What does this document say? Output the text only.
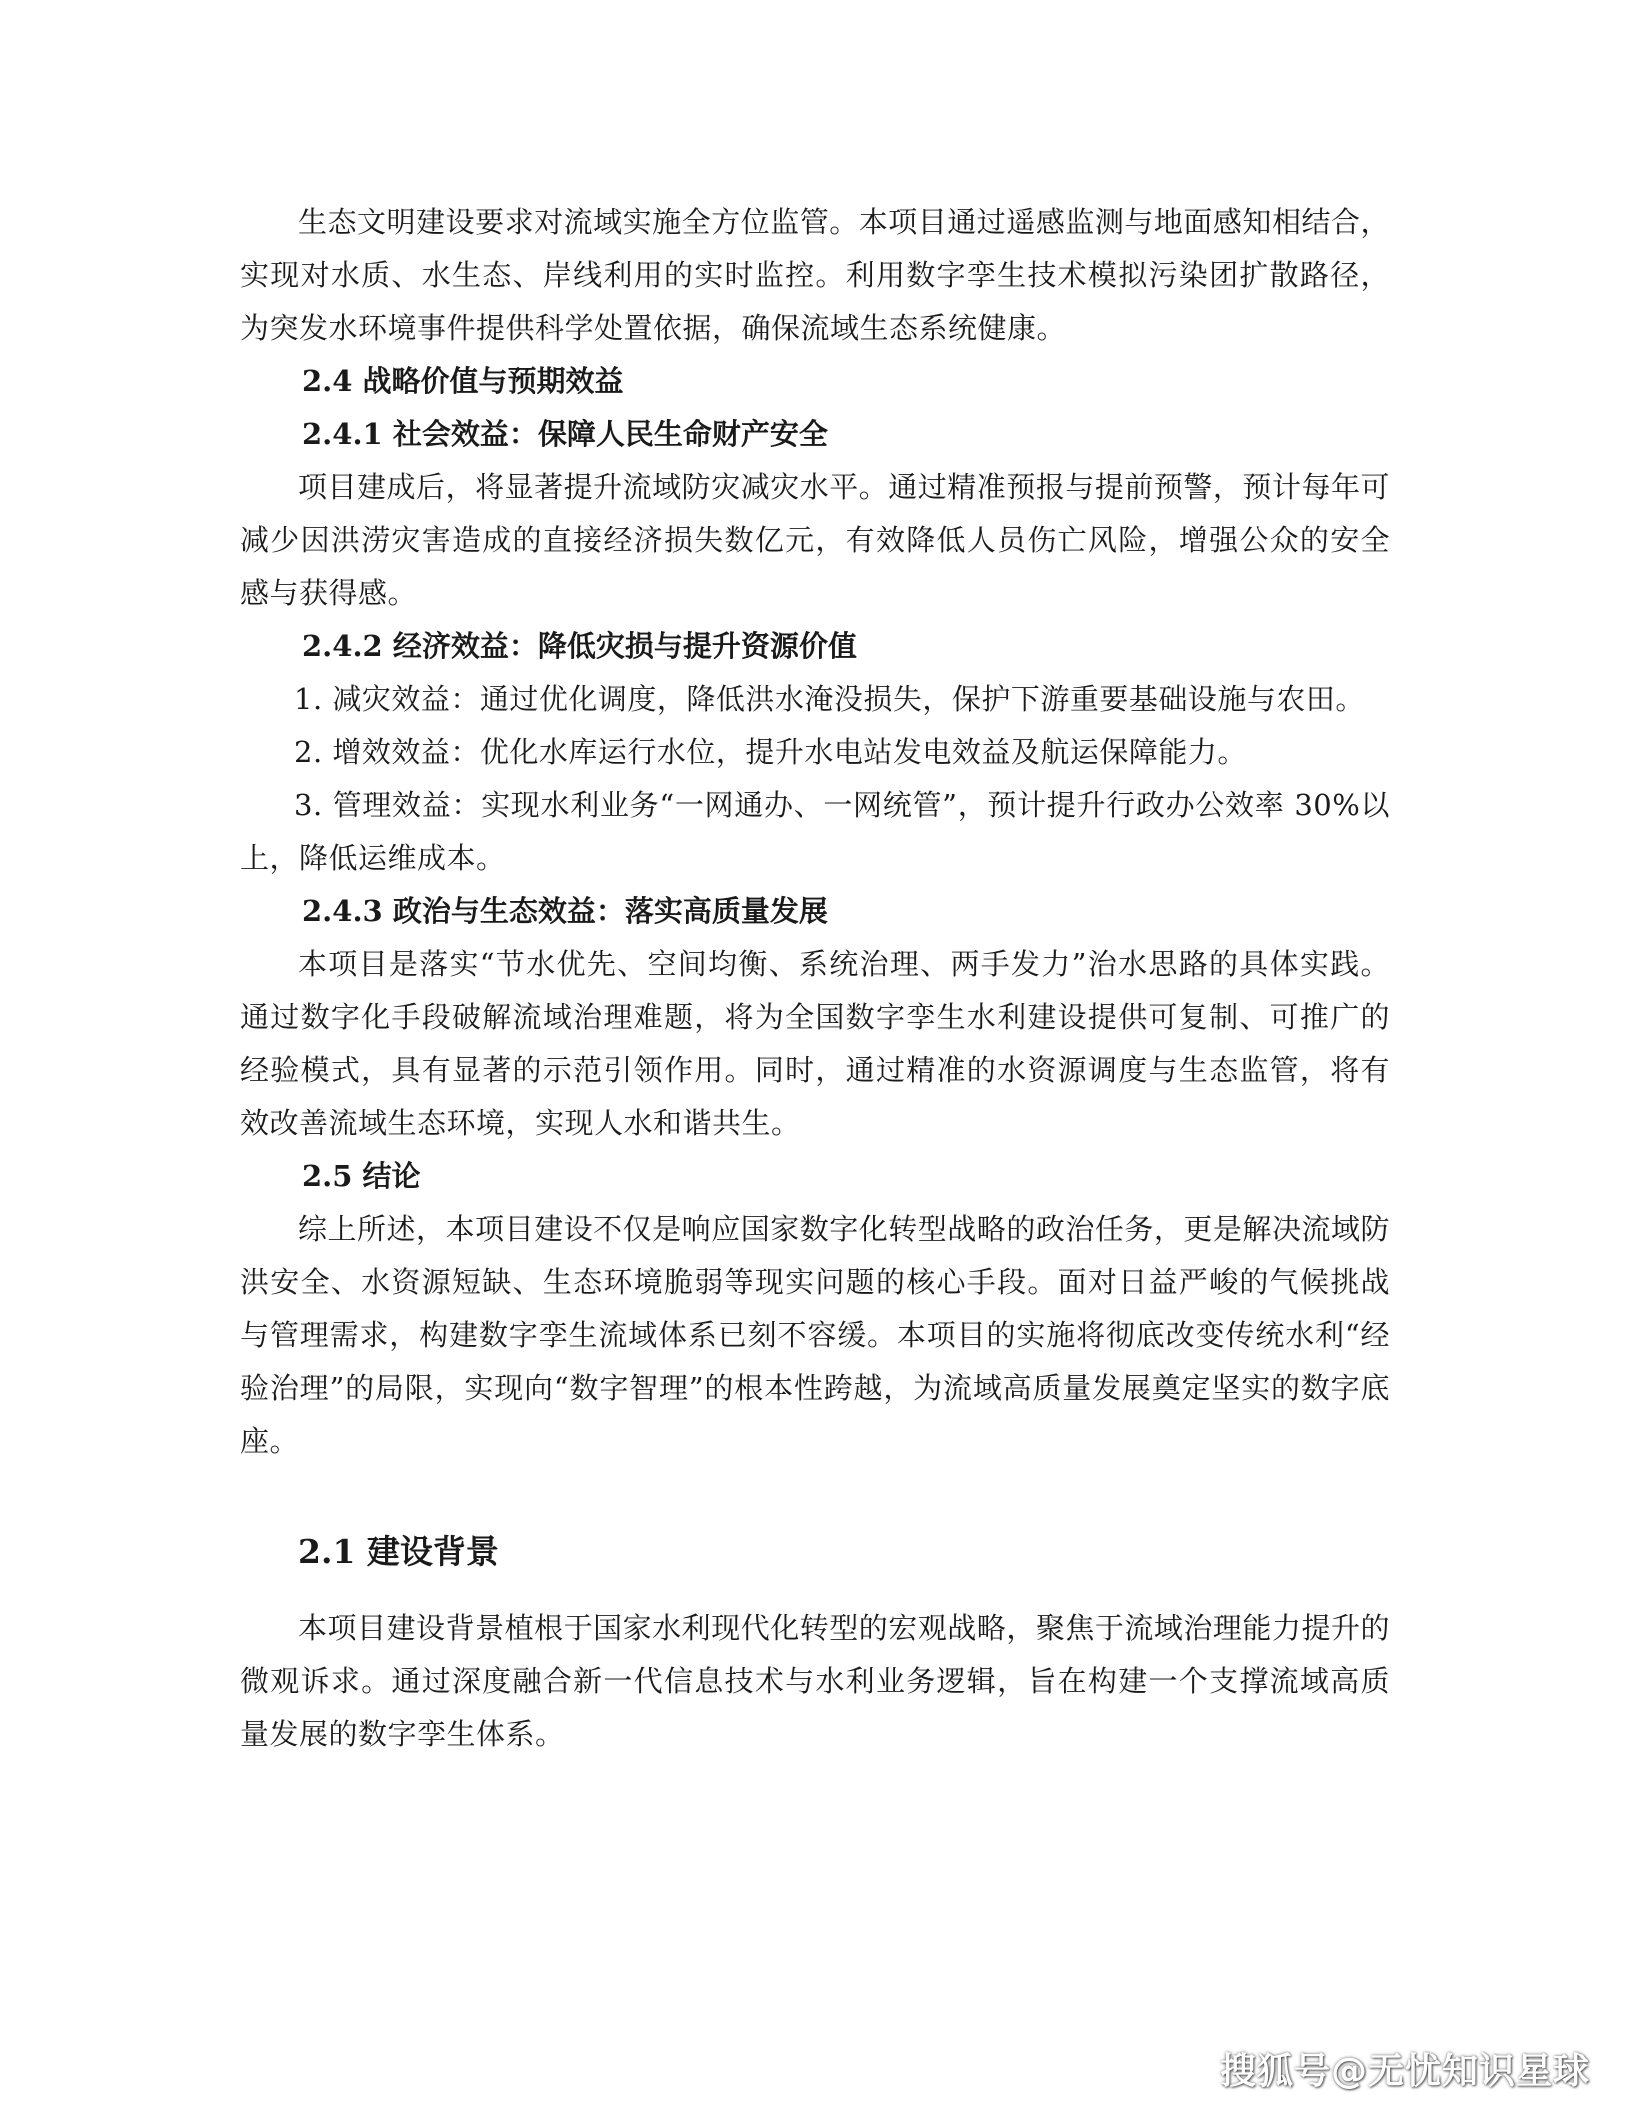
生态文明建设要求对流域实施全方位监管。本项目通过遥感监测与地面感知相结合，实现对水质、水生态、岸线利用的实时监控。利用数字孪生技术模拟污染团扩散路径，为突发水环境事件提供科学处置依据，确保流域生态系统健康。

2.4 战略价值与预期效益
2.4.1 社会效益：保障人民生命财产安全

项目建成后，将显著提升流域防灾减灾水平。通过精准预报与提前预警，预计每年可减少因洪涝灾害造成的直接经济损失数亿元，有效降低人员伤亡风险，增强公众的安全感与获得感。

2.4.2 经济效益：降低灾损与提升资源价值
1. 减灾效益：通过优化调度，降低洪水淹没损失，保护下游重要基础设施与农田。
2. 增效效益：优化水库运行水位，提升水电站发电效益及航运保障能力。
3. 管理效益：实现水利业务“一网通办、一网统管”，预计提升行政办公效率 30%以上，降低运维成本。
2.4.3 政治与生态效益：落实高质量发展

本项目是落实“节水优先、空间均衡、系统治理、两手发力”治水思路的具体实践。通过数字化手段破解流域治理难题，将为全国数字孪生水利建设提供可复制、可推广的经验模式，具有显著的示范引领作用。同时，通过精准的水资源调度与生态监管，将有效改善流域生态环境，实现人水和谐共生。

2.5 结论

综上所述，本项目建设不仅是响应国家数字化转型战略的政治任务，更是解决流域防洪安全、水资源短缺、生态环境脆弱等现实问题的核心手段。面对日益严峻的气候挑战与管理需求，构建数字孪生流域体系已刻不容缓。本项目的实施将彻底改变传统水利“经验治理”的局限，实现向“数字智理”的根本性跨越，为流域高质量发展奠定坚实的数字底座。

2.1 建设背景

本项目建设背景植根于国家水利现代化转型的宏观战略，聚焦于流域治理能力提升的微观诉求。通过深度融合新一代信息技术与水利业务逻辑，旨在构建一个支撑流域高质量发展的数字孪生体系。

搜狐号@无忧知识星球
